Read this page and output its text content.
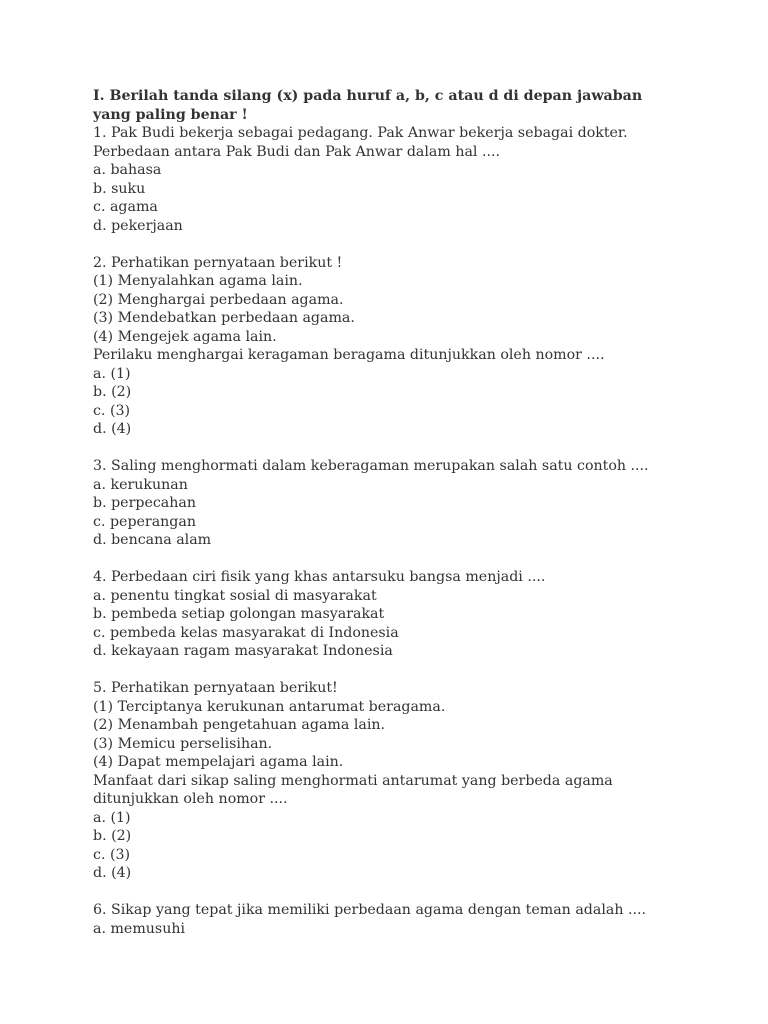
I. Berilah tanda silang (x) pada huruf a, b, c atau d di depan jawaban yang paling benar !

1. Pak Budi bekerja sebagai pedagang. Pak Anwar bekerja sebagai dokter.

Perbedaan antara Pak Budi dan Pak Anwar dalam hal ....

a. bahasa

b. suku

c. agama

d. pekerjaan

2. Perhatikan pernyataan berikut !

(1) Menyalahkan agama lain.

(2) Menghargai perbedaan agama.

(3) Mendebatkan perbedaan agama.

(4) Mengejek agama lain.

Perilaku menghargai keragaman beragama ditunjukkan oleh nomor ....

a. (1)

b. (2)

c. (3)

d. (4)

3. Saling menghormati dalam keberagaman merupakan salah satu contoh ....

a. kerukunan

b. perpecahan

c. peperangan

d. bencana alam

4. Perbedaan ciri fisik yang khas antarsuku bangsa menjadi ....

a. penentu tingkat sosial di masyarakat

b. pembeda setiap golongan masyarakat

c. pembeda kelas masyarakat di Indonesia

d. kekayaan ragam masyarakat Indonesia

5. Perhatikan pernyataan berikut!

(1) Terciptanya kerukunan antarumat beragama.

(2) Menambah pengetahuan agama lain.

(3) Memicu perselisihan.

(4) Dapat mempelajari agama lain.

Manfaat dari sikap saling menghormati antarumat yang berbeda agama

ditunjukkan oleh nomor ....

a. (1)

b. (2)

c. (3)

d. (4)

6. Sikap yang tepat jika memiliki perbedaan agama dengan teman adalah ....

a. memusuhi
